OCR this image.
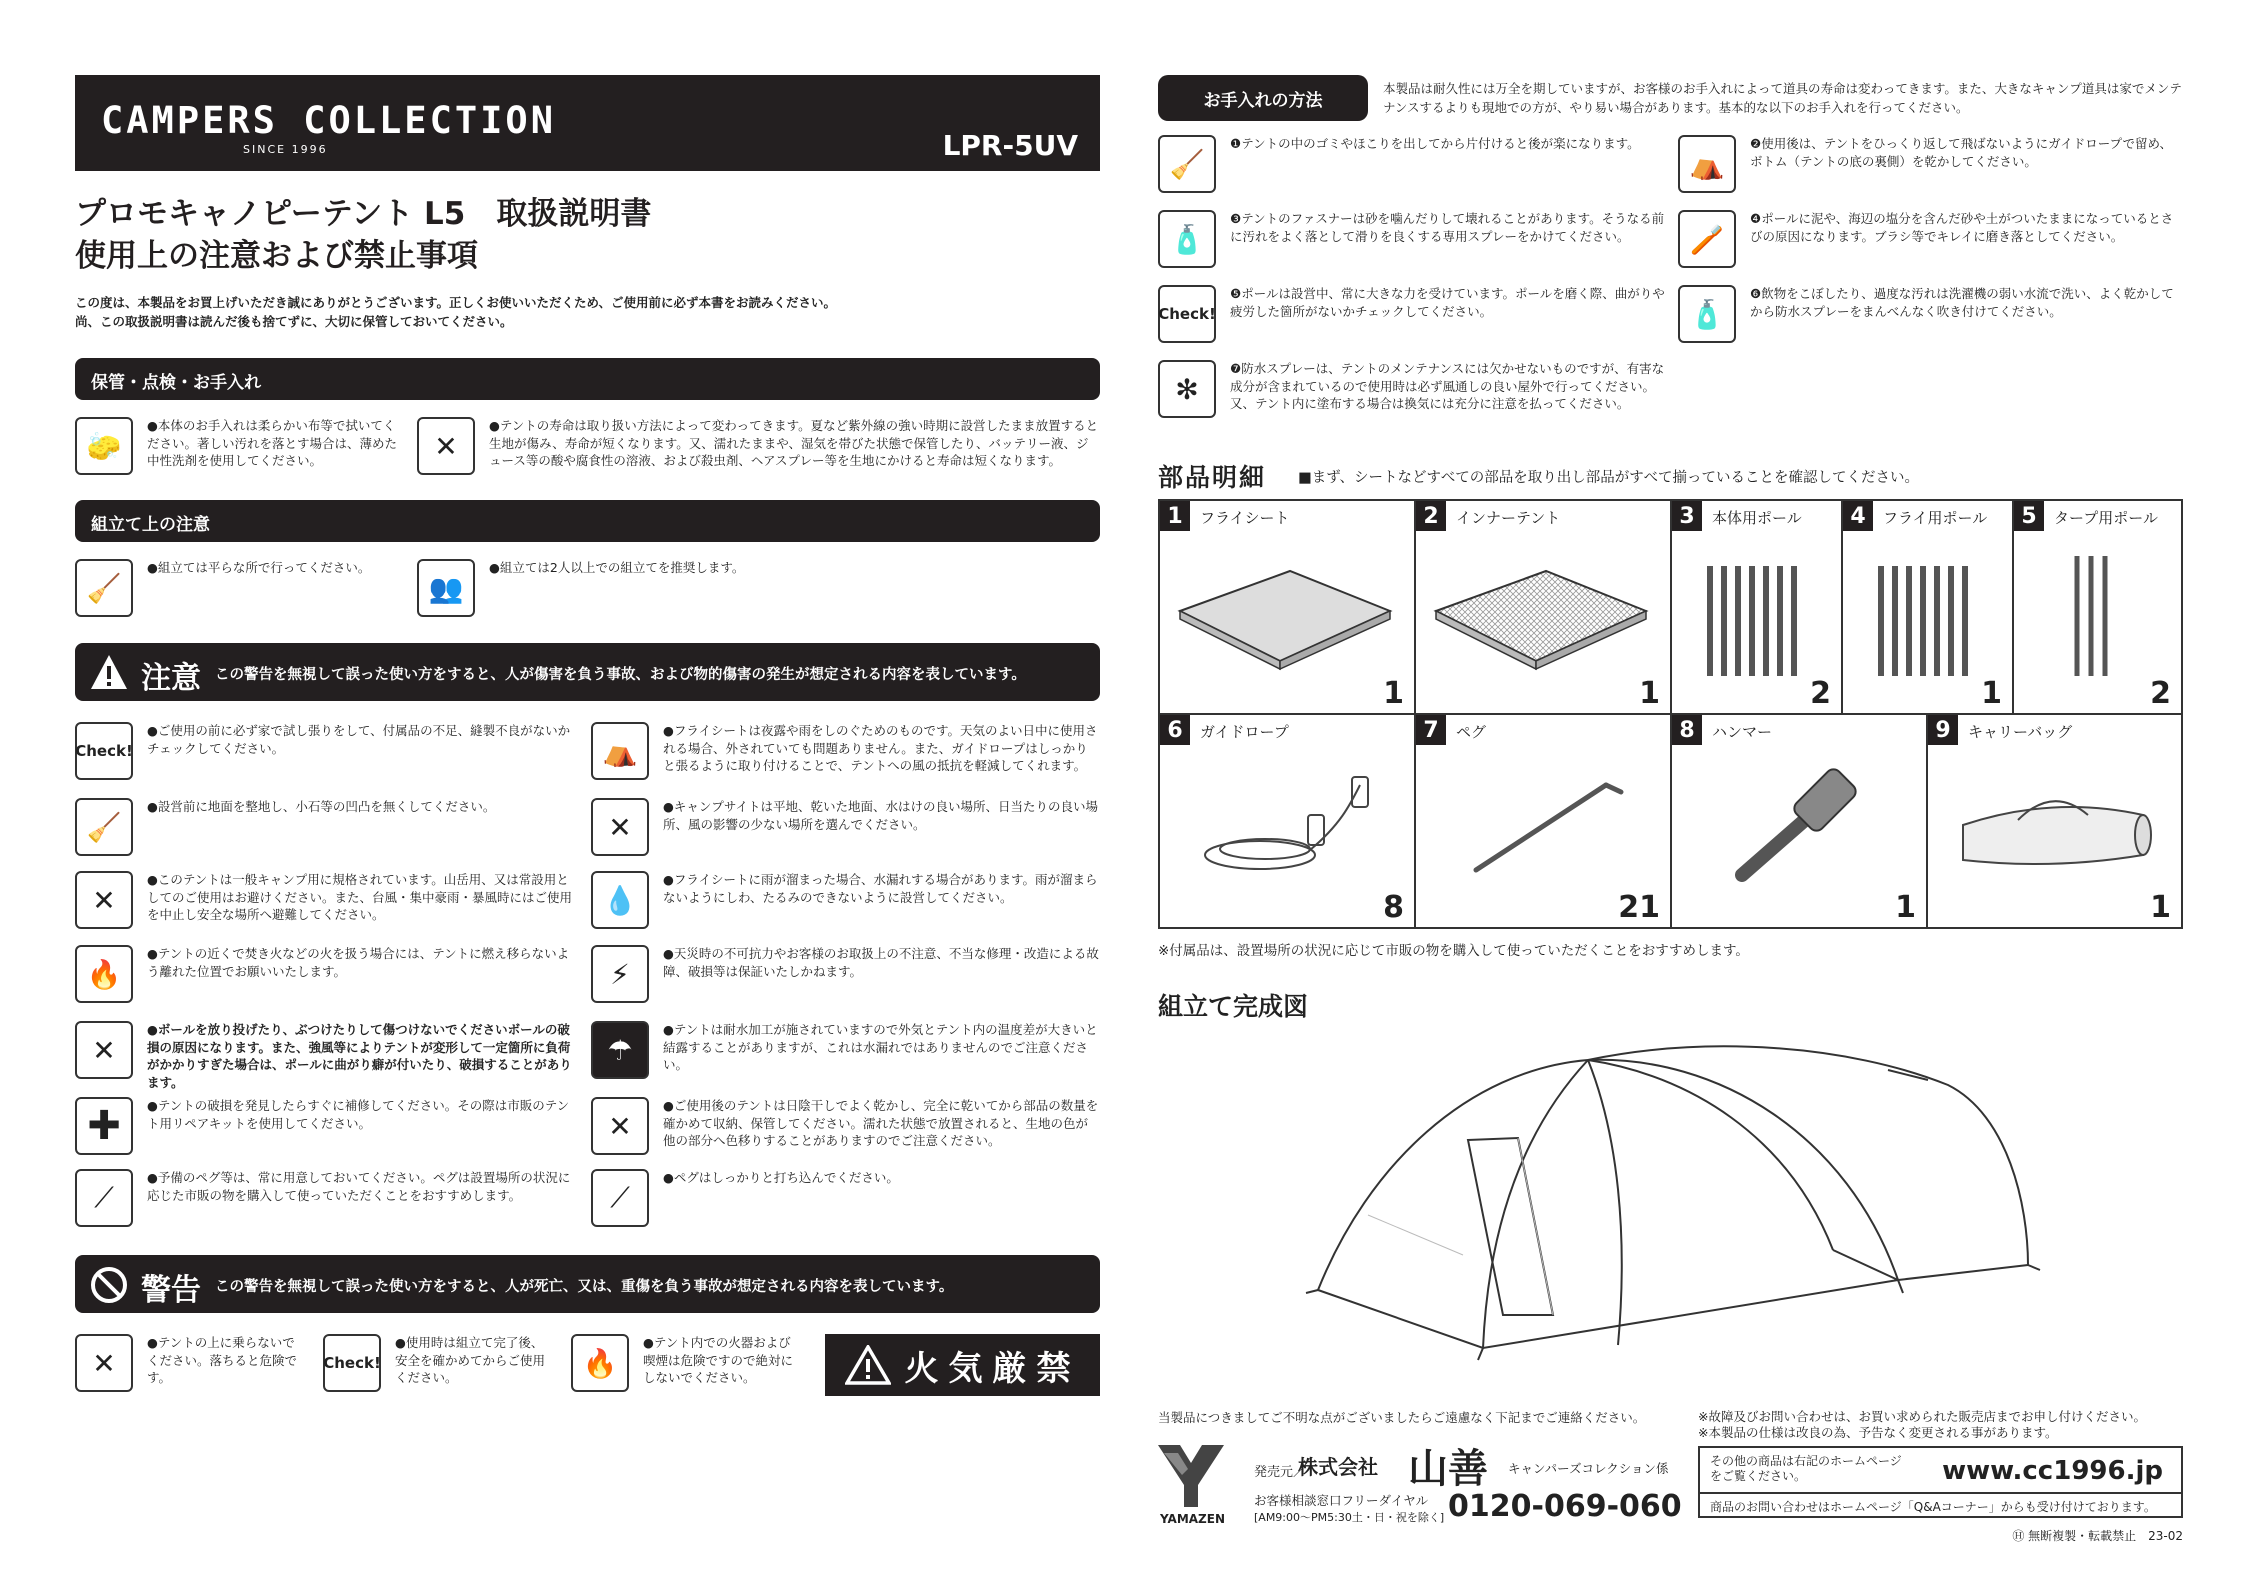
CAMPERS COLLECTION
SINCE 1996	LPR-5UV
プロモキャノピーテント L5　取扱説明書
使用上の注意および禁止事項
この度は、本製品をお買上げいただき誠にありがとうございます。正しくお使いいただくため、ご使用前に必ず本書をお読みください。
尚、この取扱説明書は読んだ後も捨てずに、大切に保管しておいてください。
保管・点検・お手入れ
🧽
●本体のお手入れは柔らかい布等で拭いてください。著しい汚れを落とす場合は、薄めた中性洗剤を使用してください。	✕
●テントの寿命は取り扱い方法によって変わってきます。夏など紫外線の強い時期に設営したまま放置すると生地が傷み、寿命が短くなります。又、濡れたままや、湿気を帯びた状態で保管したり、バッテリー液、ジュース等の酸や腐食性の溶液、および殺虫剤、ヘアスプレー等を生地にかけると寿命は短くなります。
組立て上の注意
🧹
●組立ては平らな所で行ってください。
👥
●組立ては2人以上での組立てを推奨します。
注意 この警告を無視して誤った使い方をすると、人が傷害を負う事故、および物的傷害の発生が想定される内容を表しています。
Check!
●ご使用の前に必ず家で試し張りをして、付属品の不足、縫製不良がないかチェックしてください。
🧹
●設営前に地面を整地し、小石等の凹凸を無くしてください。
✕
●このテントは一般キャンプ用に規格されています。山岳用、又は常設用としてのご使用はお避けください。また、台風・集中豪雨・暴風時にはご使用を中止し安全な場所へ避難してください。
🔥
●テントの近くで焚き火などの火を扱う場合には、テントに燃え移らないよう離れた位置でお願いいたします。
✕
●ボールを放り投げたり、ぶつけたりして傷つけないでくださいボールの破損の原因になります。また、強風等によりテントが変形して一定箇所に負荷がかかりすぎた場合は、ポールに曲がり癖が付いたり、破損することがあります。
✚	●テントの破損を発見したらすぐに補修してください。その際は市販のテント用リペアキットを使用してください。
⟋
●予備のペグ等は、常に用意しておいてください。ペグは設置場所の状況に応じた市販の物を購入して使っていただくことをおすすめします。
⛺
●フライシートは夜露や雨をしのぐためのものです。天気のよい日中に使用される場合、外されていても問題ありません。また、ガイドロープはしっかりと張るように取り付けることで、テントへの風の抵抗を軽減してくれます。
✕
●キャンプサイトは平地、乾いた地面、水はけの良い場所、日当たりの良い場所、風の影響の少ない場所を選んでください。
💧
●フライシートに雨が溜まった場合、水漏れする場合があります。雨が溜まらないようにしわ、たるみのできないように設営してください。
⚡
●天災時の不可抗力やお客様のお取扱上の不注意、不当な修理・改造による故障、破損等は保証いたしかねます。
☂
●テントは耐水加工が施されていますので外気とテント内の温度差が大きいと結露することがありますが、これは水漏れではありませんのでご注意ください。
✕
●ご使用後のテントは日陰干しでよく乾かし、完全に乾いてから部品の数量を確かめて収納、保管してください。濡れた状態で放置されると、生地の色が他の部分へ色移りすることがありますのでご注意ください。
⟋
●ペグはしっかりと打ち込んでください。
警告 この警告を無視して誤った使い方をすると、人が死亡、又は、重傷を負う事故が想定される内容を表しています。
✕
●テントの上に乗らないでください。落ちると危険です。
Check!
●使用時は組立て完了後、安全を確かめてからご使用ください。	🔥
●テント内での火器および喫煙は危険ですので絶対にしないでください。	火気厳禁
お手入れの方法
本製品は耐久性には万全を期していますが、お客様のお手入れによって道具の寿命は変わってきます。また、大きなキャンプ道具は家でメンテナンスするよりも現地での方が、やり易い場合があります。基本的な以下のお手入れを行ってください。
🧹
❶テントの中のゴミやほこりを出してから片付けると後が楽になります。
⛺
❷使用後は、テントをひっくり返して飛ばないようにガイドロープで留め、ボトム（テントの底の裏側）を乾かしてください。
🧴
❸テントのファスナーは砂を噛んだりして壊れることがあります。そうなる前に汚れをよく落として滑りを良くする専用スプレーをかけてください。	🪥
❹ポールに泥や、海辺の塩分を含んだ砂や土がついたままになっているとさびの原因になります。ブラシ等でキレイに磨き落としてください。
Check!
❺ポールは設営中、常に大きな力を受けています。ポールを磨く際、曲がりや疲労した箇所がないかチェックしてください。	🧴
❻飲物をこぼしたり、過度な汚れは洗濯機の弱い水流で洗い、よく乾かしてから防水スプレーをまんべんなく吹き付けてください。
✻
❼防水スプレーは、テントのメンテナンスには欠かせないものですが、有害な成分が含まれているので使用時は必ず風通しの良い屋外で行ってください。又、テント内に塗布する場合は換気には充分に注意を払ってください。
部品明細 ■まず、シートなどすべての部品を取り出し部品がすべて揃っていることを確認してください。
1	フライシート
1
2	インナーテント
1
3	本体用ポール
2
4	フライ用ポール
1
5	タープ用ポール
2
6	ガイドロープ
8
7	ペグ
21
8	ハンマー
1
9	キャリーバッグ
1
※付属品は、設置場所の状況に応じて市販の物を購入して使っていただくことをおすすめします。
組立て完成図
当製品につきましてご不明な点がございましたらご遠慮なく下記までご連絡ください。
YAMAZEN
発売元／
株式会社 山善 キャンパーズコレクション係
お客様相談窓口フリーダイヤル
[AM9:00〜PM5:30土・日・祝を除く] 0120-069-060
※故障及びお問い合わせは、お買い求められた販売店までお申し付けください。
※本製品の仕様は改良の為、予告なく変更される事があります。
その他の商品は右記のホームページをご覧ください。	www.cc1996.jp
商品のお問い合わせはホームページ「Q&Aコーナー」からも受け付けております。
Ⓗ 無断複製・転載禁止　23-02
